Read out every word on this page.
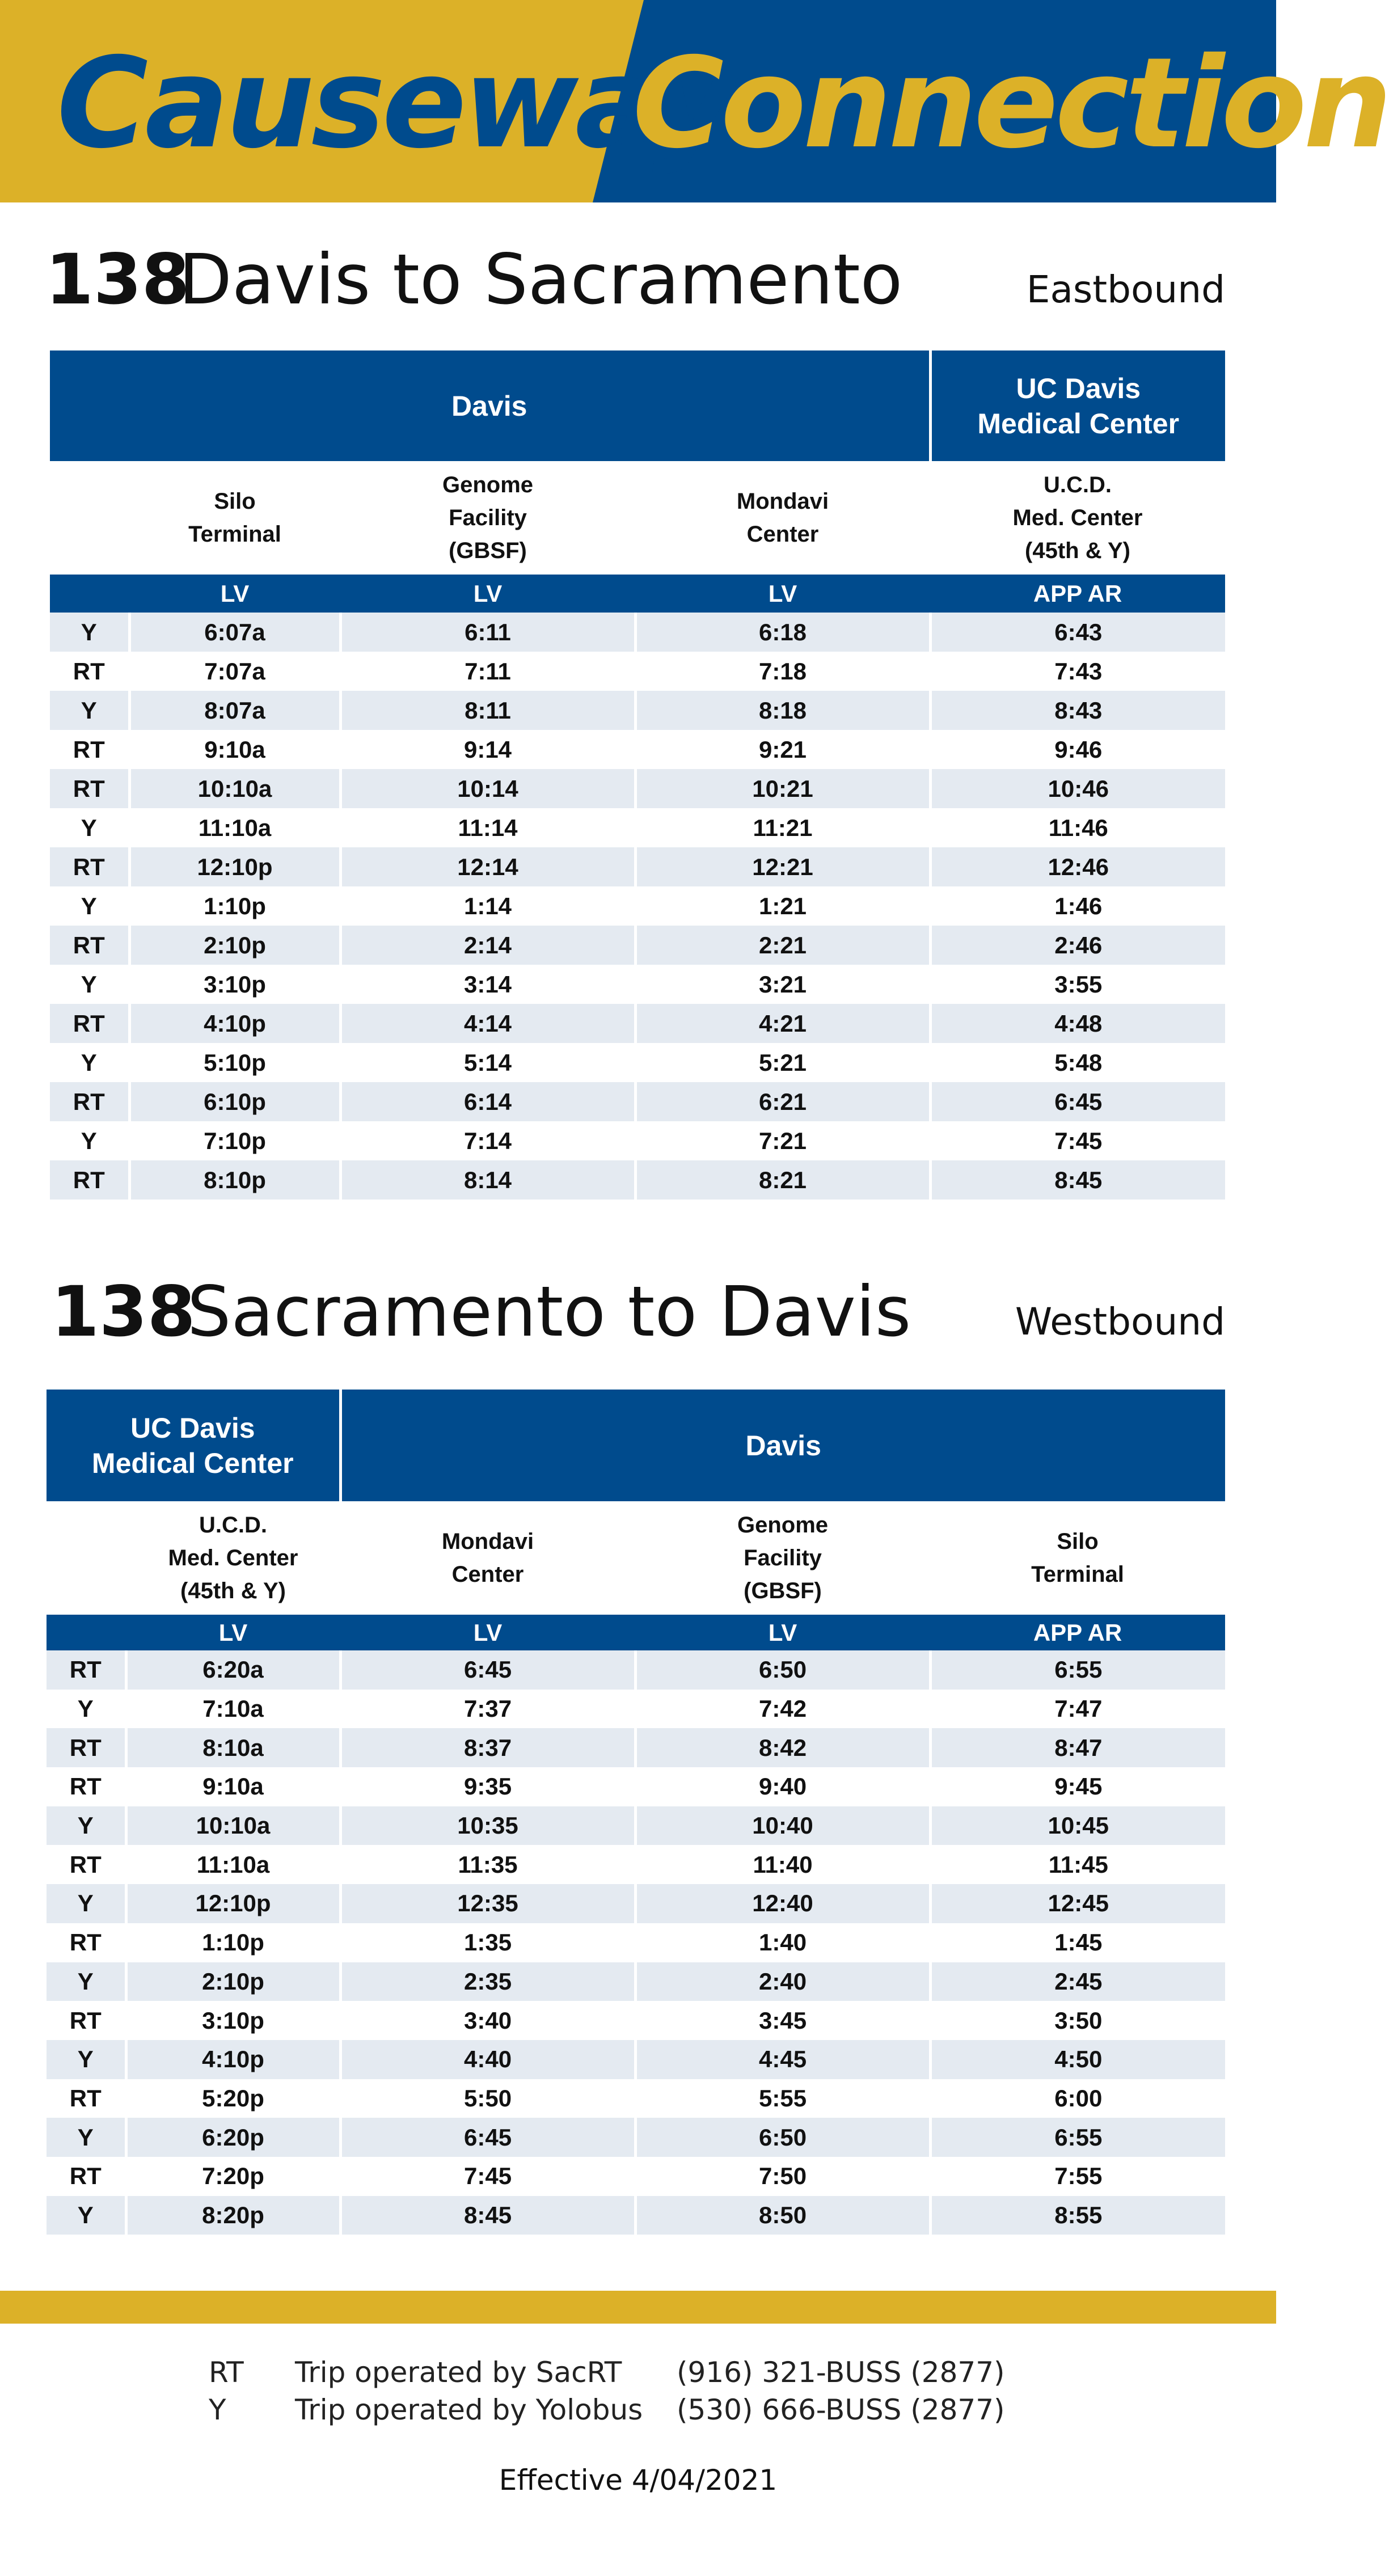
Causeway
Connection
138
Davis to Sacramento	Eastbound
Davis				UC Davis
Medical Center
	Silo
Terminal	Genome
Facility
(GBSF)	Mondavi
Center	U.C.D.
Med. Center
(45th & Y)
	LV	LV	LV	APP AR
Y	6:07a	6:11	6:18	6:43
RT	7:07a	7:11	7:18	7:43
Y	8:07a	8:11	8:18	8:43
RT	9:10a	9:14	9:21	9:46
RT	10:10a	10:14	10:21	10:46
Y	11:10a	11:14	11:21	11:46
RT	12:10p	12:14	12:21	12:46
Y	1:10p	1:14	1:21	1:46
RT	2:10p	2:14	2:21	2:46
Y	3:10p	3:14	3:21	3:55
RT	4:10p	4:14	4:21	4:48
Y	5:10p	5:14	5:21	5:48
RT	6:10p	6:14	6:21	6:45
Y	7:10p	7:14	7:21	7:45
RT	8:10p	8:14	8:21	8:45
138
Sacramento to Davis	Westbound
UC Davis
Medical Center		Davis		
	U.C.D.
Med. Center
(45th & Y)	Mondavi
Center	Genome
Facility
(GBSF)	Silo
Terminal
	LV	LV	LV	APP AR
RT	6:20a	6:45	6:50	6:55
Y	7:10a	7:37	7:42	7:47
RT	8:10a	8:37	8:42	8:47
RT	9:10a	9:35	9:40	9:45
Y	10:10a	10:35	10:40	10:45
RT	11:10a	11:35	11:40	11:45
Y	12:10p	12:35	12:40	12:45
RT	1:10p	1:35	1:40	1:45
Y	2:10p	2:35	2:40	2:45
RT	3:10p	3:40	3:45	3:50
Y	4:10p	4:40	4:45	4:50
RT	5:20p	5:50	5:55	6:00
Y	6:20p	6:45	6:50	6:55
RT	7:20p	7:45	7:50	7:55
Y	8:20p	8:45	8:50	8:55
RT Trip operated by SacRT (916) 321-BUSS (2877)
Y Trip operated by Yolobus (530) 666-BUSS (2877)
Effective 4/04/2021
